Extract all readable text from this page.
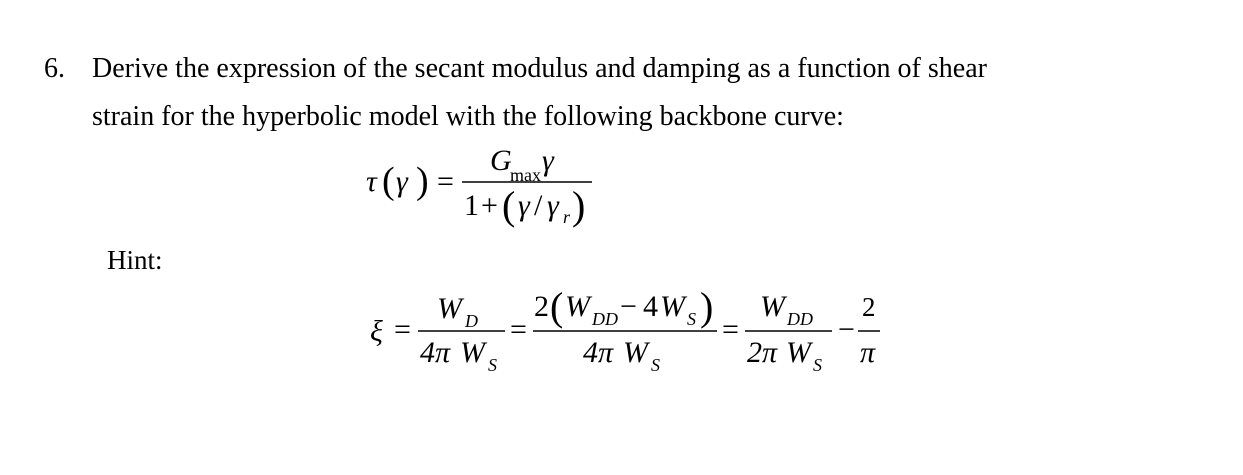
6. Derive the expression of the secant modulus and damping as a function of shear
strain for the hyperbolic model with the following backbone curve:
τ ( γ ) =
G
max γ
1 + ( γ / γ r )
Hint:
ξ =
W D
4π W S
=
2 ( W DD − 4 W S )
4π W S
=
W DD
2π W S
−
2
π
